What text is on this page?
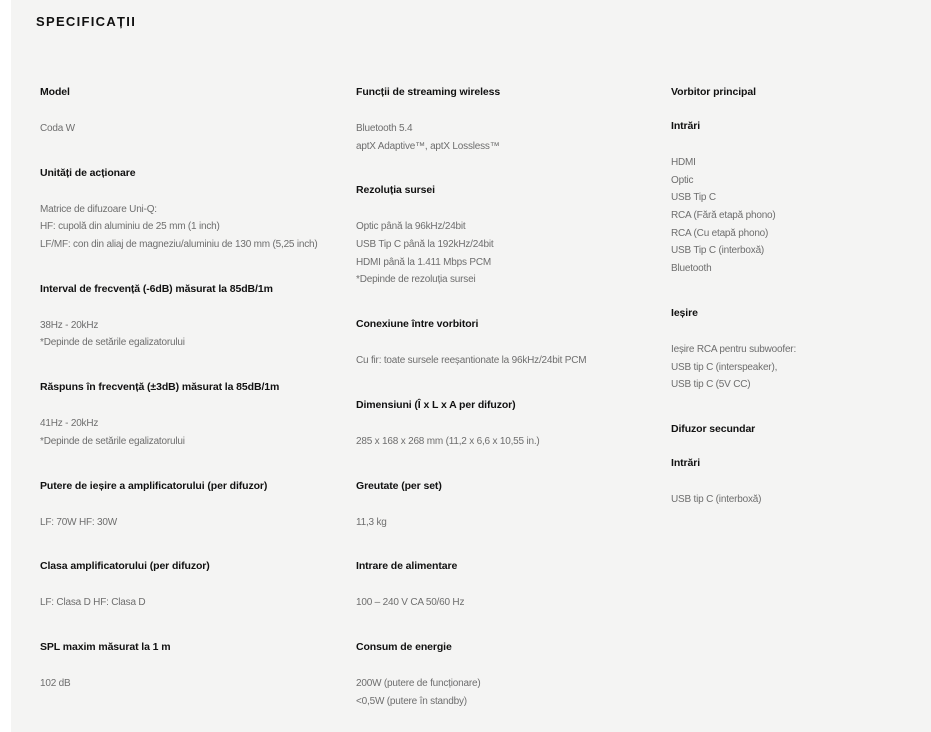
SPECIFICAȚII
Model
Coda W
Unități de acționare
Matrice de difuzoare Uni-Q:
HF: cupolă din aluminiu de 25 mm (1 inch)
LF/MF: con din aliaj de magneziu/aluminiu de 130 mm (5,25 inch)
Interval de frecvență (-6dB) măsurat la 85dB/1m
38Hz - 20kHz
*Depinde de setările egalizatorului
Răspuns în frecvență (±3dB) măsurat la 85dB/1m
41Hz - 20kHz
*Depinde de setările egalizatorului
Putere de ieșire a amplificatorului (per difuzor)
LF: 70W HF: 30W
Clasa amplificatorului (per difuzor)
LF: Clasa D HF: Clasa D
SPL maxim măsurat la 1 m
102 dB
Funcții de streaming wireless
Bluetooth 5.4
aptX Adaptive™, aptX Lossless™
Rezoluția sursei
Optic până la 96kHz/24bit
USB Tip C până la 192kHz/24bit
HDMI până la 1.411 Mbps PCM
*Depinde de rezoluția sursei
Conexiune între vorbitori
Cu fir: toate sursele reeșantionate la 96kHz/24bit PCM
Dimensiuni (Î x L x A per difuzor)
285 x 168 x 268 mm (11,2 x 6,6 x 10,55 in.)
Greutate (per set)
11,3 kg
Intrare de alimentare
100 – 240 V CA 50/60 Hz
Consum de energie
200W (putere de funcționare)
<0,5W (putere în standby)
Vorbitor principal
Intrări
HDMI
Optic
USB Tip C
RCA (Fără etapă phono)
RCA (Cu etapă phono)
USB Tip C (interboxă)
Bluetooth
Ieșire
Ieșire RCA pentru subwoofer:
USB tip C (interspeaker),
USB tip C (5V CC)
Difuzor secundar
Intrări
USB tip C (interboxă)
